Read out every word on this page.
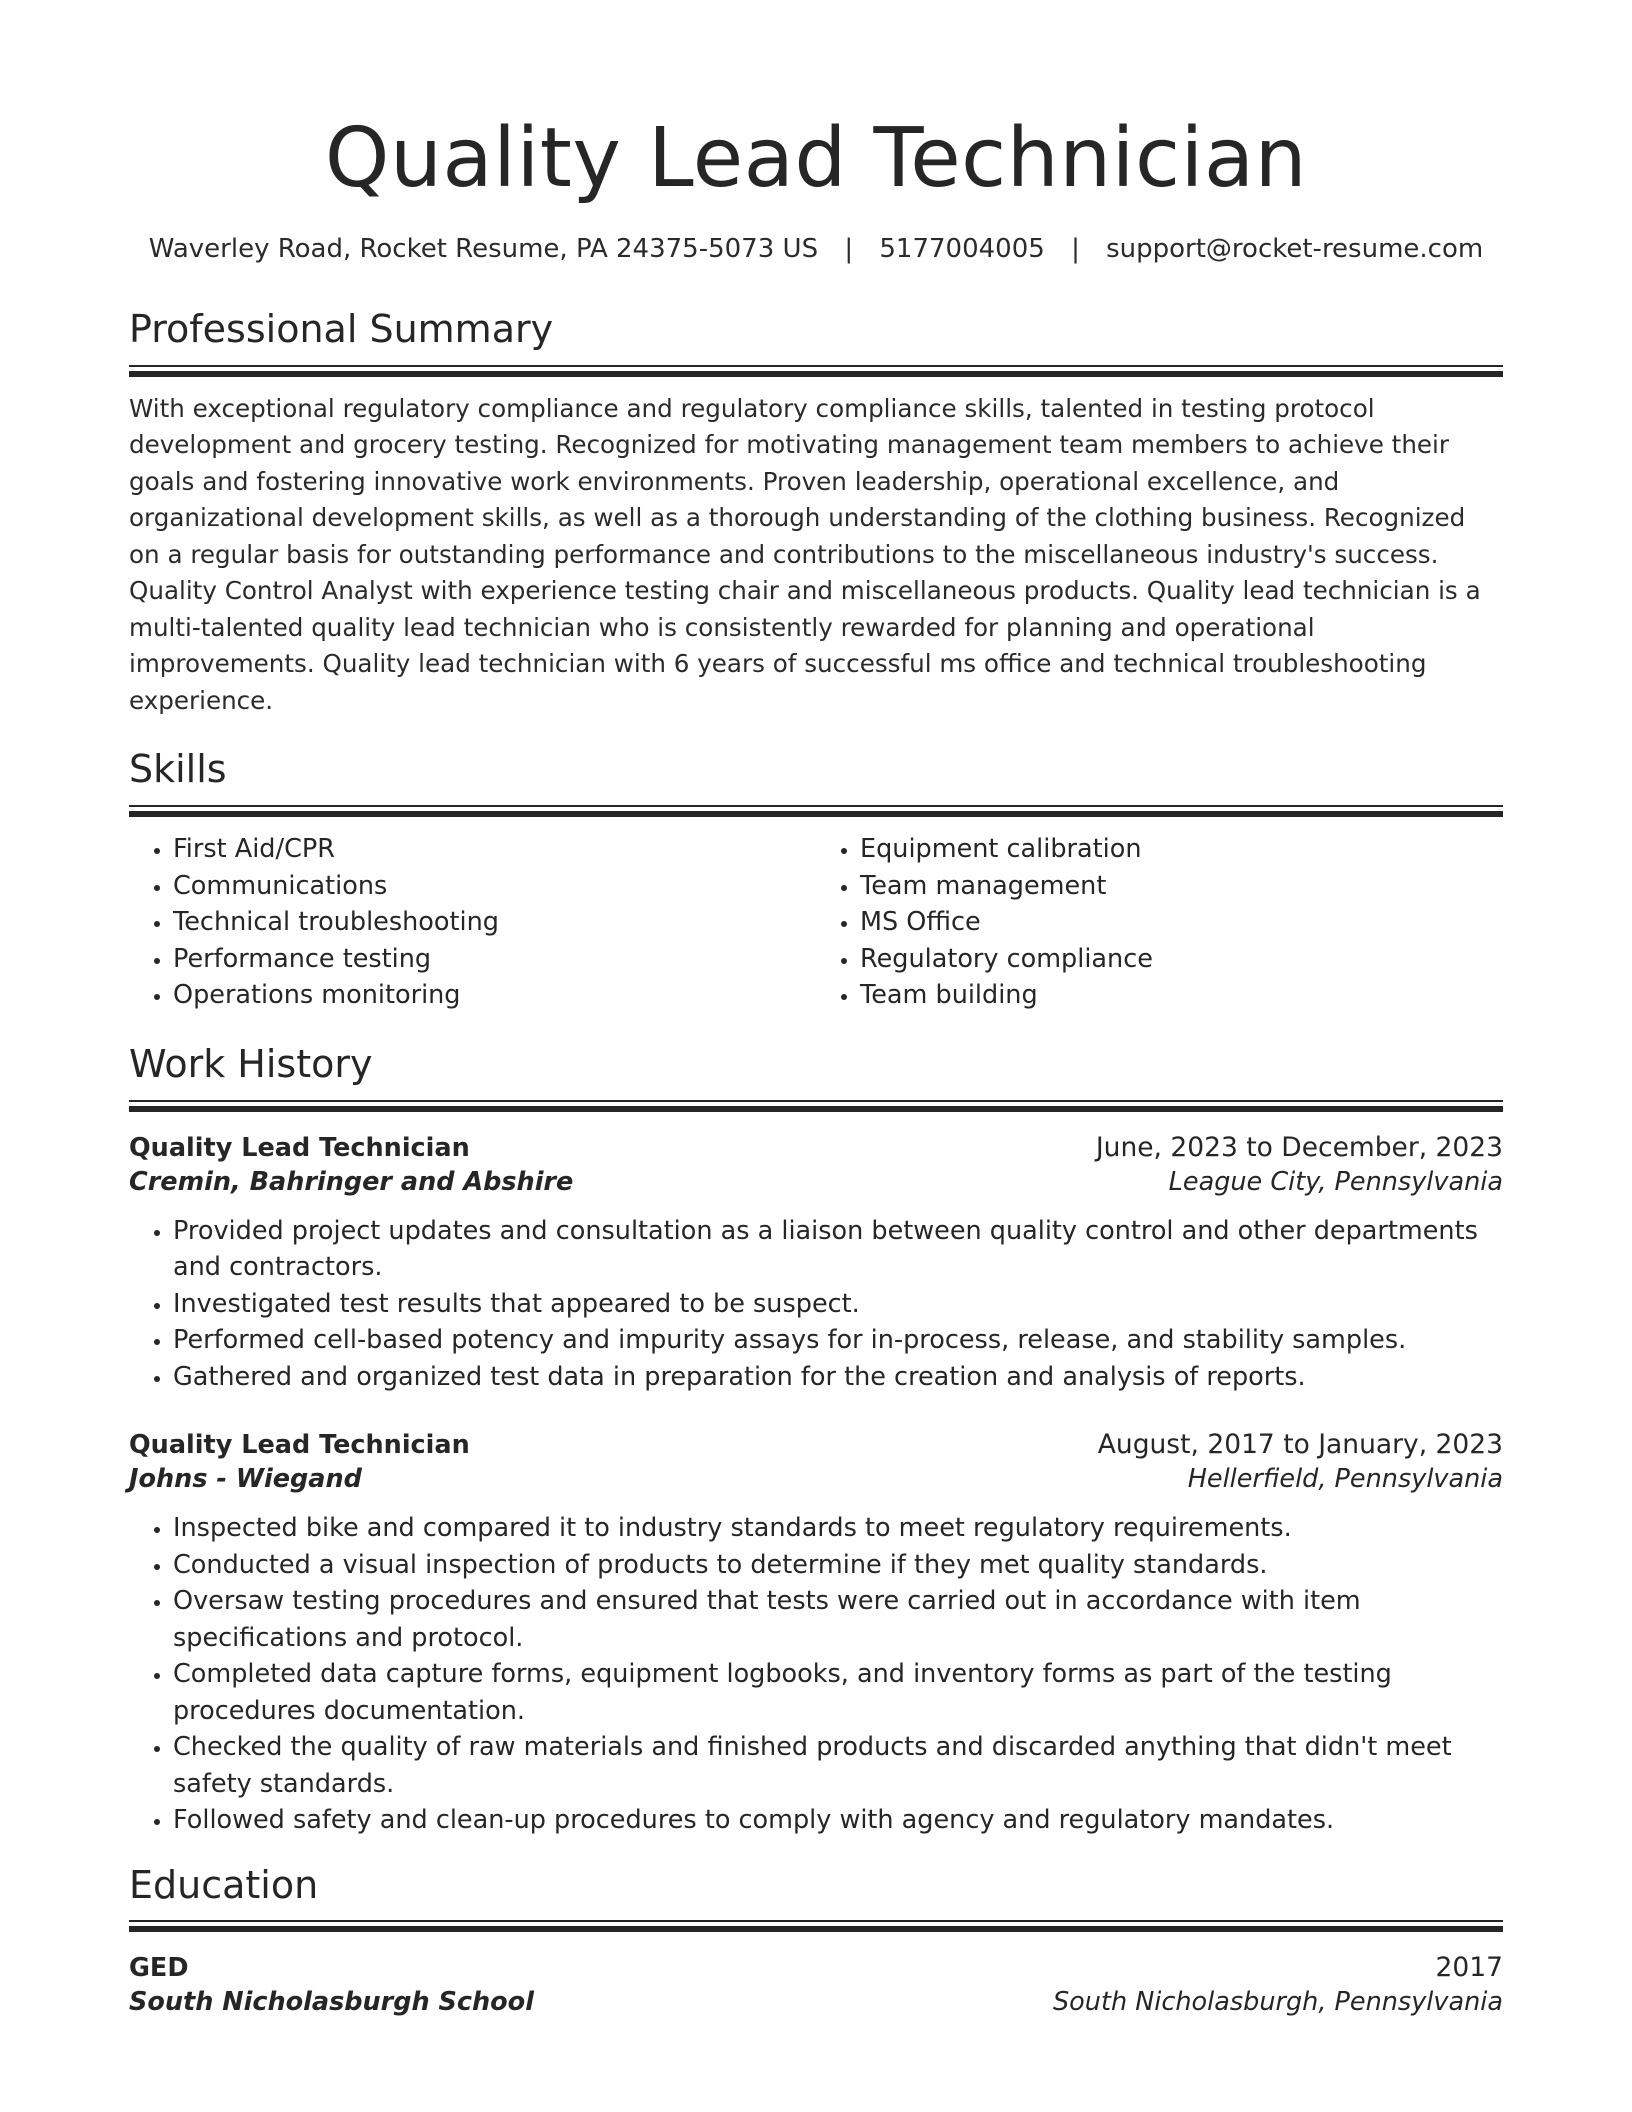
Quality Lead Technician
Waverley Road, Rocket Resume, PA 24375-5073 US | 5177004005 | support@rocket-resume.com
Professional Summary
With exceptional regulatory compliance and regulatory compliance skills, talented in testing protocol development and grocery testing. Recognized for motivating management team members to achieve their goals and fostering innovative work environments. Proven leadership, operational excellence, and organizational development skills, as well as a thorough understanding of the clothing business. Recognized on a regular basis for outstanding performance and contributions to the miscellaneous industry's success. Quality Control Analyst with experience testing chair and miscellaneous products. Quality lead technician is a multi-talented quality lead technician who is consistently rewarded for planning and operational improvements. Quality lead technician with 6 years of successful ms office and technical troubleshooting experience.
Skills
• First Aid/CPR
• Communications
• Technical troubleshooting
• Performance testing
• Operations monitoring
• Equipment calibration
• Team management
• MS Office
• Regulatory compliance
• Team building
Work History
Quality Lead Technician	June, 2023 to December, 2023
Cremin, Bahringer and Abshire	League City, Pennsylvania
• Provided project updates and consultation as a liaison between quality control and other departments and contractors.
• Investigated test results that appeared to be suspect.
• Performed cell-based potency and impurity assays for in-process, release, and stability samples.
• Gathered and organized test data in preparation for the creation and analysis of reports.
Quality Lead Technician	August, 2017 to January, 2023
Johns - Wiegand	Hellerfield, Pennsylvania
• Inspected bike and compared it to industry standards to meet regulatory requirements.
• Conducted a visual inspection of products to determine if they met quality standards.
• Oversaw testing procedures and ensured that tests were carried out in accordance with item specifications and protocol.
• Completed data capture forms, equipment logbooks, and inventory forms as part of the testing procedures documentation.
• Checked the quality of raw materials and finished products and discarded anything that didn't meet safety standards.
• Followed safety and clean-up procedures to comply with agency and regulatory mandates.
Education
GED	2017
South Nicholasburgh School	South Nicholasburgh, Pennsylvania
